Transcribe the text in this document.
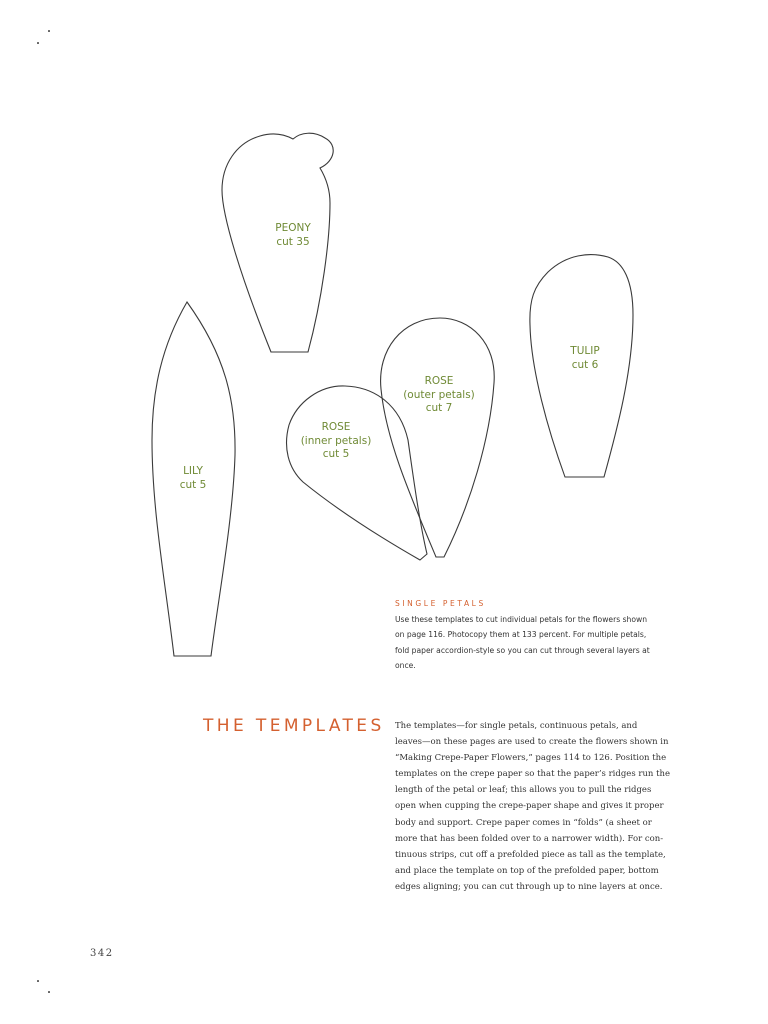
PEONY
cut 35
LILY
cut 5
ROSE
(outer petals)
cut 7
ROSE
(inner petals)
cut 5
TULIP
cut 6
SINGLE PETALS
Use these templates to cut individual petals for the flowers shown on page 116. Photocopy them at 133 percent. For multiple petals, fold paper accordion-style so you can cut through several layers at once.
THE TEMPLATES The templates—for single petals, continuous petals, and
leaves—on these pages are used to create the flowers shown in
“Making Crepe-Paper Flowers,” pages 114 to 126. Position the
templates on the crepe paper so that the paper’s ridges run the
length of the petal or leaf; this allows you to pull the ridges
open when cupping the crepe-paper shape and gives it proper
body and support. Crepe paper comes in “folds” (a sheet or
more that has been folded over to a narrower width). For con-
tinuous strips, cut off a prefolded piece as tall as the template,
and place the template on top of the prefolded paper, bottom
edges aligning; you can cut through up to nine layers at once.
342
